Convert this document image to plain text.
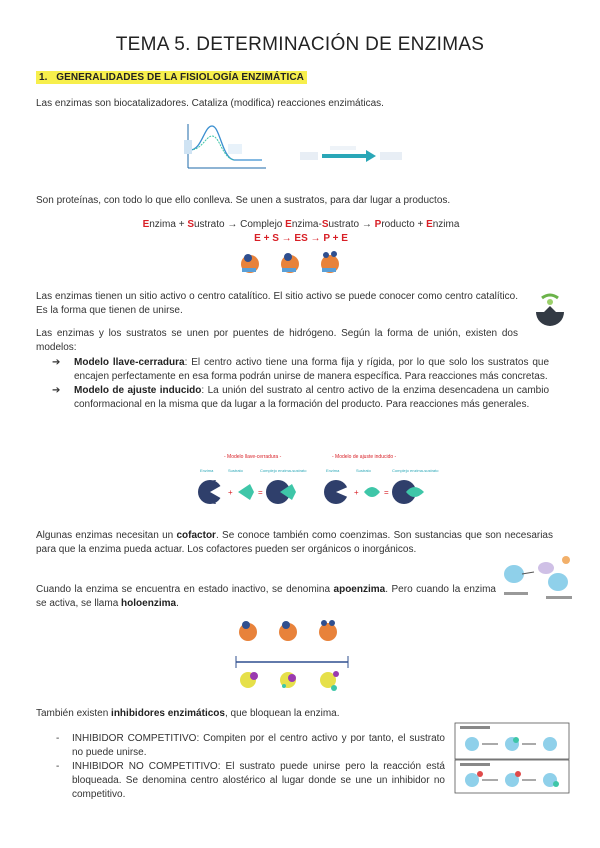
TEMA 5. DETERMINACIÓN DE ENZIMAS
1. GENERALIDADES DE LA FISIOLOGÍA ENZIMÁTICA
Las enzimas son biocatalizadores. Cataliza (modifica) reacciones enzimáticas.
Son proteínas, con todo lo que ello conlleva. Se unen a sustratos, para dar lugar a productos.
Enzima + Sustrato → Complejo Enzima-Sustrato → Producto + Enzima
E + S → ES → P + E
Las enzimas tienen un sitio activo o centro catalítico. El sitio activo se puede conocer como centro catalítico. Es la forma que tienen de unirse.
Las enzimas y los sustratos se unen por puentes de hidrógeno. Según la forma de unión, existen dos modelos:
➔ Modelo llave-cerradura: El centro activo tiene una forma fija y rígida, por lo que solo los sustratos que encajen perfectamente en esa forma podrán unirse de manera específica. Para reacciones más concretas.
➔ Modelo de ajuste inducido: La unión del sustrato al centro activo de la enzima desencadena un cambio conformacional en la misma que da lugar a la formación del producto. Para reacciones más generales.
- Modelo llave-cerradura -	- Modelo de ajuste inducido -
Enzima	Sustrato	Complejo enzima-sustrato	Enzima	Sustrato	Complejo enzima-sustrato
+	=	+	=
Algunas enzimas necesitan un cofactor. Se conoce también como coenzimas. Son sustancias que son necesarias para que la enzima pueda actuar. Los cofactores pueden ser orgánicos o inorgánicos.
Cuando la enzima se encuentra en estado inactivo, se denomina apoenzima. Pero cuando la enzima se activa, se llama holoenzima.
También existen inhibidores enzimáticos, que bloquean la enzima.
- INHIBIDOR COMPETITIVO: Compiten por el centro activo y por tanto, el sustrato no puede unirse.
- INHIBIDOR NO COMPETITIVO: El sustrato puede unirse pero la reacción está bloqueada. Se denomina centro alostérico al lugar donde se une un inhibidor no competitivo.
